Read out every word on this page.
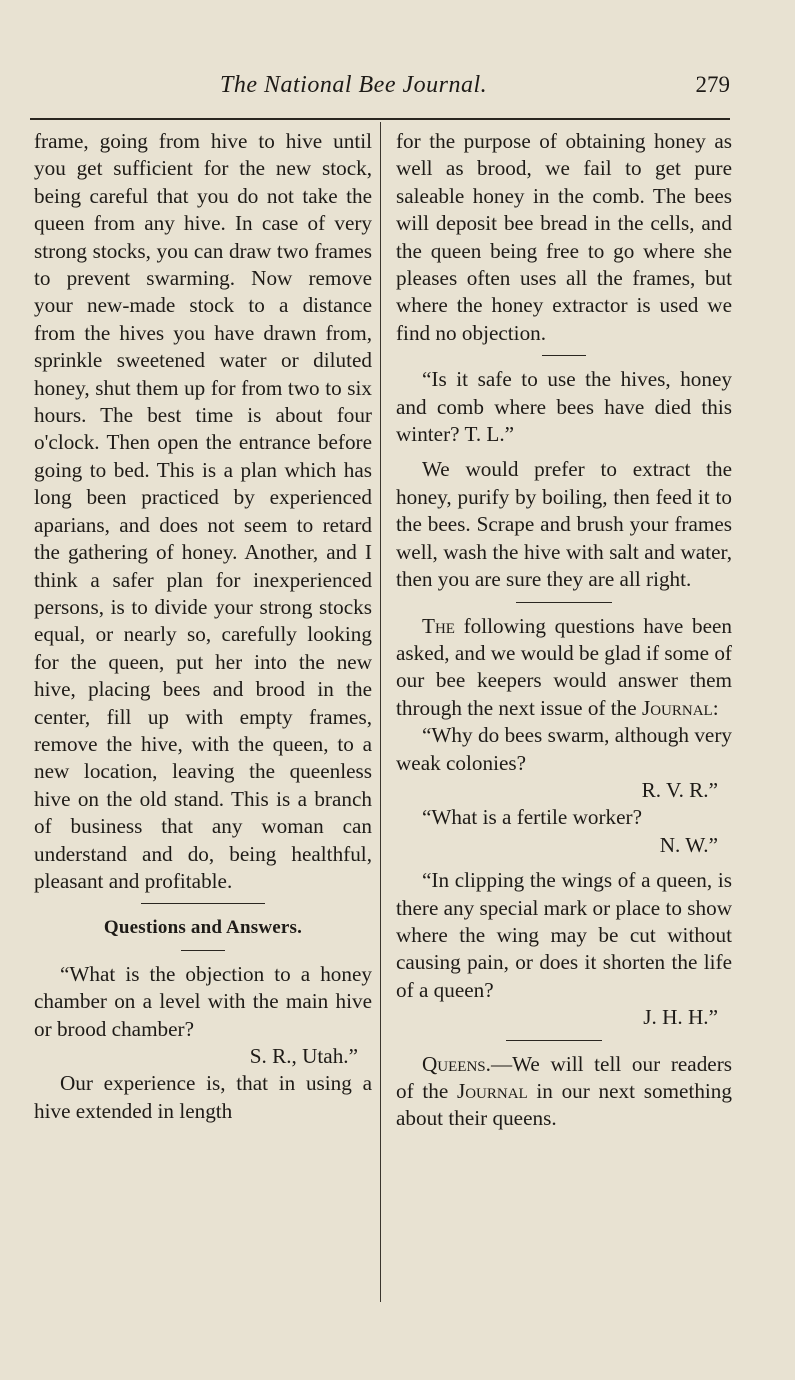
The National Bee Journal.	279

frame, going from hive to hive until you get sufficient for the new stock, being careful that you do not take the queen from any hive. In case of very strong stocks, you can draw two frames to prevent swarming. Now remove your new-made stock to a distance from the hives you have drawn from, sprinkle sweetened water or diluted honey, shut them up for from two to six hours. The best time is about four o'clock. Then open the entrance before going to bed. This is a plan which has long been practiced by experienced aparians, and does not seem to retard the gathering of honey. Another, and I think a safer plan for inexperienced persons, is to divide your strong stocks equal, or nearly so, carefully looking for the queen, put her into the new hive, placing bees and brood in the center, fill up with empty frames, remove the hive, with the queen, to a new location, leaving the queenless hive on the old stand. This is a branch of business that any woman can understand and do, being healthful, pleasant and profitable.

Questions and Answers.

“What is the objection to a honey chamber on a level with the main hive or brood chamber?

S. R., Utah.”

Our experience is, that in using a hive extended in length

for the purpose of obtaining honey as well as brood, we fail to get pure saleable honey in the comb. The bees will deposit bee bread in the cells, and the queen being free to go where she pleases often uses all the frames, but where the honey extractor is used we find no objection.

“Is it safe to use the hives, honey and comb where bees have died this winter? T. L.”

We would prefer to extract the honey, purify by boiling, then feed it to the bees. Scrape and brush your frames well, wash the hive with salt and water, then you are sure they are all right.

The following questions have been asked, and we would be glad if some of our bee keepers would answer them through the next issue of the Journal:

“Why do bees swarm, although very weak colonies?

R. V. R.”

“What is a fertile worker?

N. W.”

“In clipping the wings of a queen, is there any special mark or place to show where the wing may be cut without causing pain, or does it shorten the life of a queen?

J. H. H.”

Queens.—We will tell our readers of the Journal in our next something about their queens.
